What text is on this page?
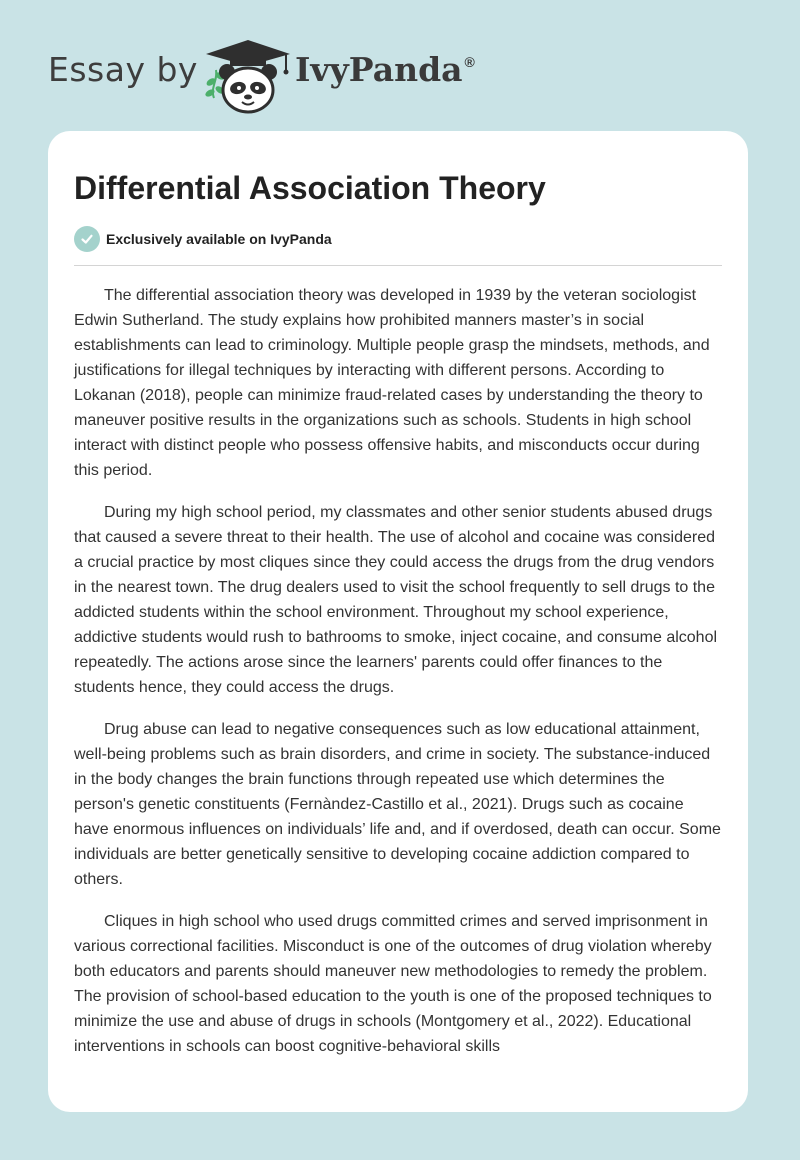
Essay by	IvyPanda ®
Differential Association Theory
Exclusively available on IvyPanda

The differential association theory was developed in 1939 by the veteran sociologist Edwin Sutherland. The study explains how prohibited manners master’s in social establishments can lead to criminology. Multiple people grasp the mindsets, methods, and justifications for illegal techniques by interacting with different persons. According to Lokanan (2018), people can minimize fraud-related cases by understanding the theory to maneuver positive results in the organizations such as schools. Students in high school interact with distinct people who possess offensive habits, and misconducts occur during this period.

During my high school period, my classmates and other senior students abused drugs that caused a severe threat to their health. The use of alcohol and cocaine was considered a crucial practice by most cliques since they could access the drugs from the drug vendors in the nearest town. The drug dealers used to visit the school frequently to sell drugs to the addicted students within the school environment. Throughout my school experience, addictive students would rush to bathrooms to smoke, inject cocaine, and consume alcohol repeatedly. The actions arose since the learners' parents could offer finances to the students hence, they could access the drugs.

Drug abuse can lead to negative consequences such as low educational attainment, well-being problems such as brain disorders, and crime in society. The substance-induced in the body changes the brain functions through repeated use which determines the person's genetic constituents (Fernàndez-Castillo et al., 2021). Drugs such as cocaine have enormous influences on individuals’ life and, and if overdosed, death can occur. Some individuals are better genetically sensitive to developing cocaine addiction compared to others.

Cliques in high school who used drugs committed crimes and served imprisonment in various correctional facilities. Misconduct is one of the outcomes of drug violation whereby both educators and parents should maneuver new methodologies to remedy the problem. The provision of school-based education to the youth is one of the proposed techniques to minimize the use and abuse of drugs in schools (Montgomery et al., 2022). Educational interventions in schools can boost cognitive-behavioral skills
